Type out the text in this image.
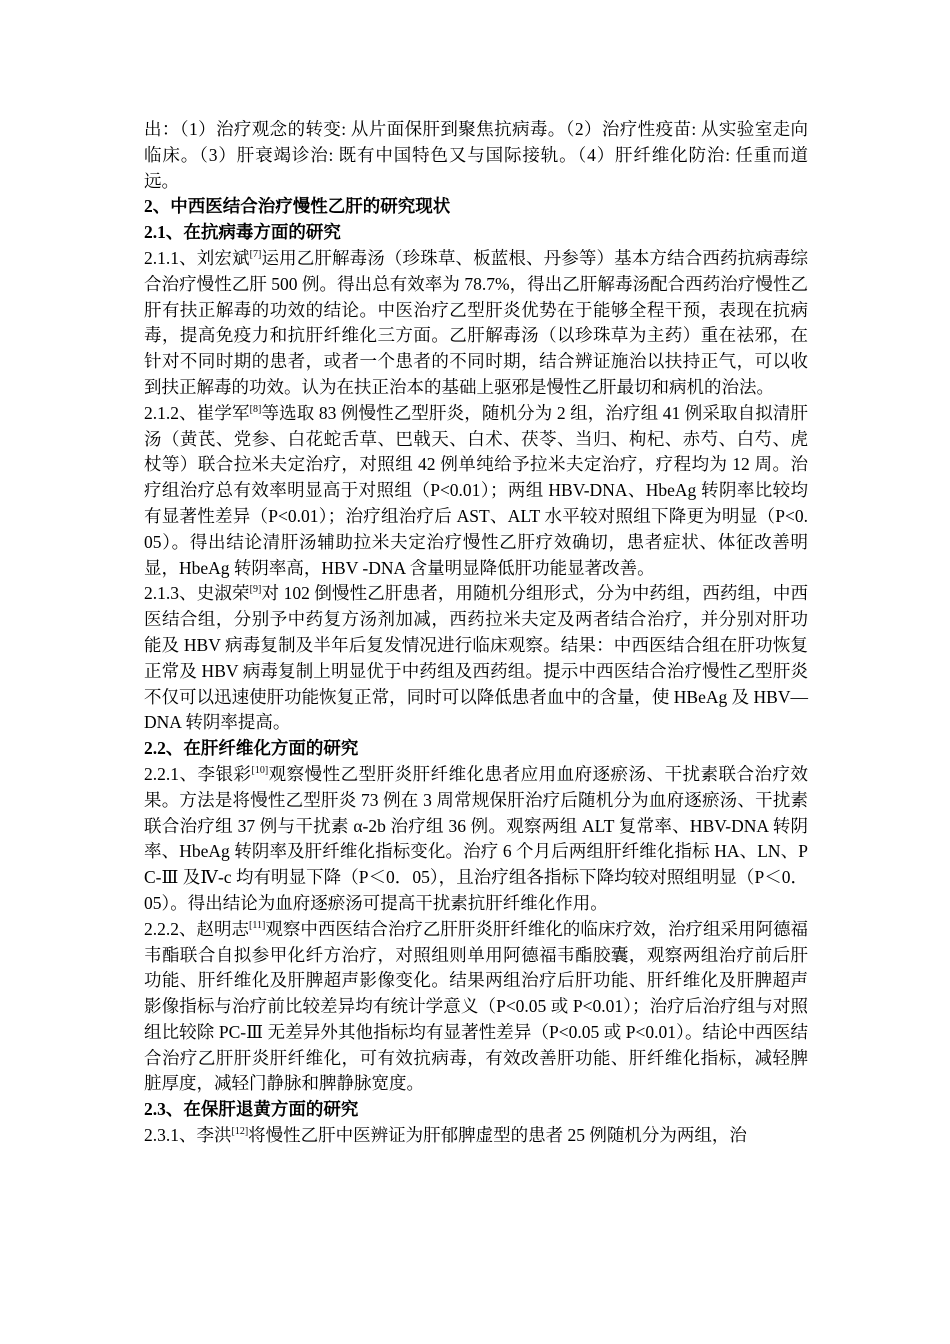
出：（1）治疗观念的转变: 从片面保肝到聚焦抗病毒。（2）治疗性疫苗: 从实验室走向临床。（3）肝衰竭诊治: 既有中国特色又与国际接轨。（4）肝纤维化防治: 任重而道远。

2、中西医结合治疗慢性乙肝的研究现状

2.1、在抗病毒方面的研究

2.1.1、刘宏斌[7]运用乙肝解毒汤（珍珠草、板蓝根、丹参等）基本方结合西药抗病毒综合治疗慢性乙肝 500 例。得出总有效率为 78.7%，得出乙肝解毒汤配合西药治疗慢性乙肝有扶正解毒的功效的结论。中医治疗乙型肝炎优势在于能够全程干预，表现在抗病毒，提高免疫力和抗肝纤维化三方面。乙肝解毒汤（以珍珠草为主药）重在祛邪，在针对不同时期的患者，或者一个患者的不同时期，结合辨证施治以扶持正气，可以收到扶正解毒的功效。认为在扶正治本的基础上驱邪是慢性乙肝最切和病机的治法。

2.1.2、崔学军[8]等选取 83 例慢性乙型肝炎，随机分为 2 组，治疗组 41 例采取自拟清肝汤（黄芪、党参、白花蛇舌草、巴戟天、白术、茯苓、当归、枸杞、赤芍、白芍、虎杖等）联合拉米夫定治疗，对照组 42 例单纯给予拉米夫定治疗，疗程均为 12 周。治疗组治疗总有效率明显高于对照组（P<0.01）；两组 HBV-DNA、HbeAg 转阴率比较均有显著性差异（P<0.01）；治疗组治疗后 AST、ALT 水平较对照组下降更为明显（P<0.05）。得出结论清肝汤辅助拉米夫定治疗慢性乙肝疗效确切，患者症状、体征改善明显，HbeAg 转阴率高，HBV -DNA 含量明显降低肝功能显著改善。

2.1.3、史淑荣[9]对 102 倒慢性乙肝患者，用随机分组形式，分为中药组，西药组，中西医结合组，分别予中药复方汤剂加减，西药拉米夫定及两者结合治疗，并分别对肝功能及 HBV 病毒复制及半年后复发情况进行临床观察。结果：中西医结合组在肝功恢复正常及 HBV 病毒复制上明显优于中药组及西药组。提示中西医结合治疗慢性乙型肝炎不仅可以迅速使肝功能恢复正常，同时可以降低患者血中的含量，使 HBeAg 及 HBV—DNA 转阴率提高。

2.2、在肝纤维化方面的研究

2.2.1、李银彩[10]观察慢性乙型肝炎肝纤维化患者应用血府逐瘀汤、干扰素联合治疗效果。方法是将慢性乙型肝炎 73 例在 3 周常规保肝治疗后随机分为血府逐瘀汤、干扰素联合治疗组 37 例与干扰素 α-2b 治疗组 36 例。观察两组 ALT 复常率、HBV-DNA 转阴率、HbeAg 转阴率及肝纤维化指标变化。治疗 6 个月后两组肝纤维化指标 HA、LN、PC-Ⅲ 及Ⅳ-c 均有明显下降（P＜0．05），且治疗组各指标下降均较对照组明显（P＜0．05）。得出结论为血府逐瘀汤可提高干扰素抗肝纤维化作用。

2.2.2、赵明志[11]观察中西医结合治疗乙肝肝炎肝纤维化的临床疗效，治疗组采用阿德福韦酯联合自拟参甲化纤方治疗，对照组则单用阿德福韦酯胶囊，观察两组治疗前后肝功能、肝纤维化及肝脾超声影像变化。结果两组治疗后肝功能、肝纤维化及肝脾超声影像指标与治疗前比较差异均有统计学意义（P<0.05 或 P<0.01）；治疗后治疗组与对照组比较除 PC-Ⅲ 无差异外其他指标均有显著性差异（P<0.05 或 P<0.01）。结论中西医结合治疗乙肝肝炎肝纤维化，可有效抗病毒，有效改善肝功能、肝纤维化指标，减轻脾脏厚度，减轻门静脉和脾静脉宽度。

2.3、在保肝退黄方面的研究

2.3.1、李洪[12]将慢性乙肝中医辨证为肝郁脾虚型的患者 25 例随机分为两组，治
